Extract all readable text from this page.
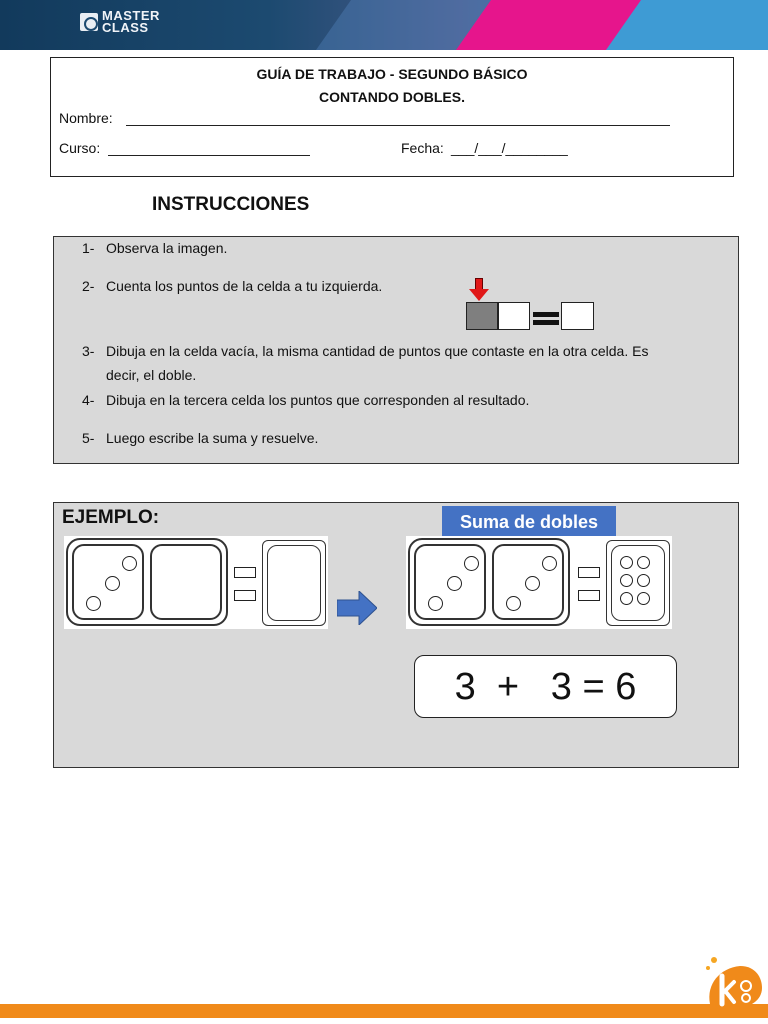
MASTER
CLASS
GUÍA DE TRABAJO - SEGUNDO BÁSICO
CONTANDO DOBLES.
Nombre:
Curso:	Fecha: ___/___/________
INSTRUCCIONES
1- Observa la imagen.
2- Cuenta los puntos de la celda a tu izquierda.
3- Dibuja en la celda vacía, la misma cantidad de puntos que contaste en la otra celda. Es
decir, el doble.
4- Dibuja en la tercera celda los puntos que corresponden al resultado.
5- Luego escribe la suma y resuelve.
EJEMPLO:	Suma de dobles
3  +   3 = 6
